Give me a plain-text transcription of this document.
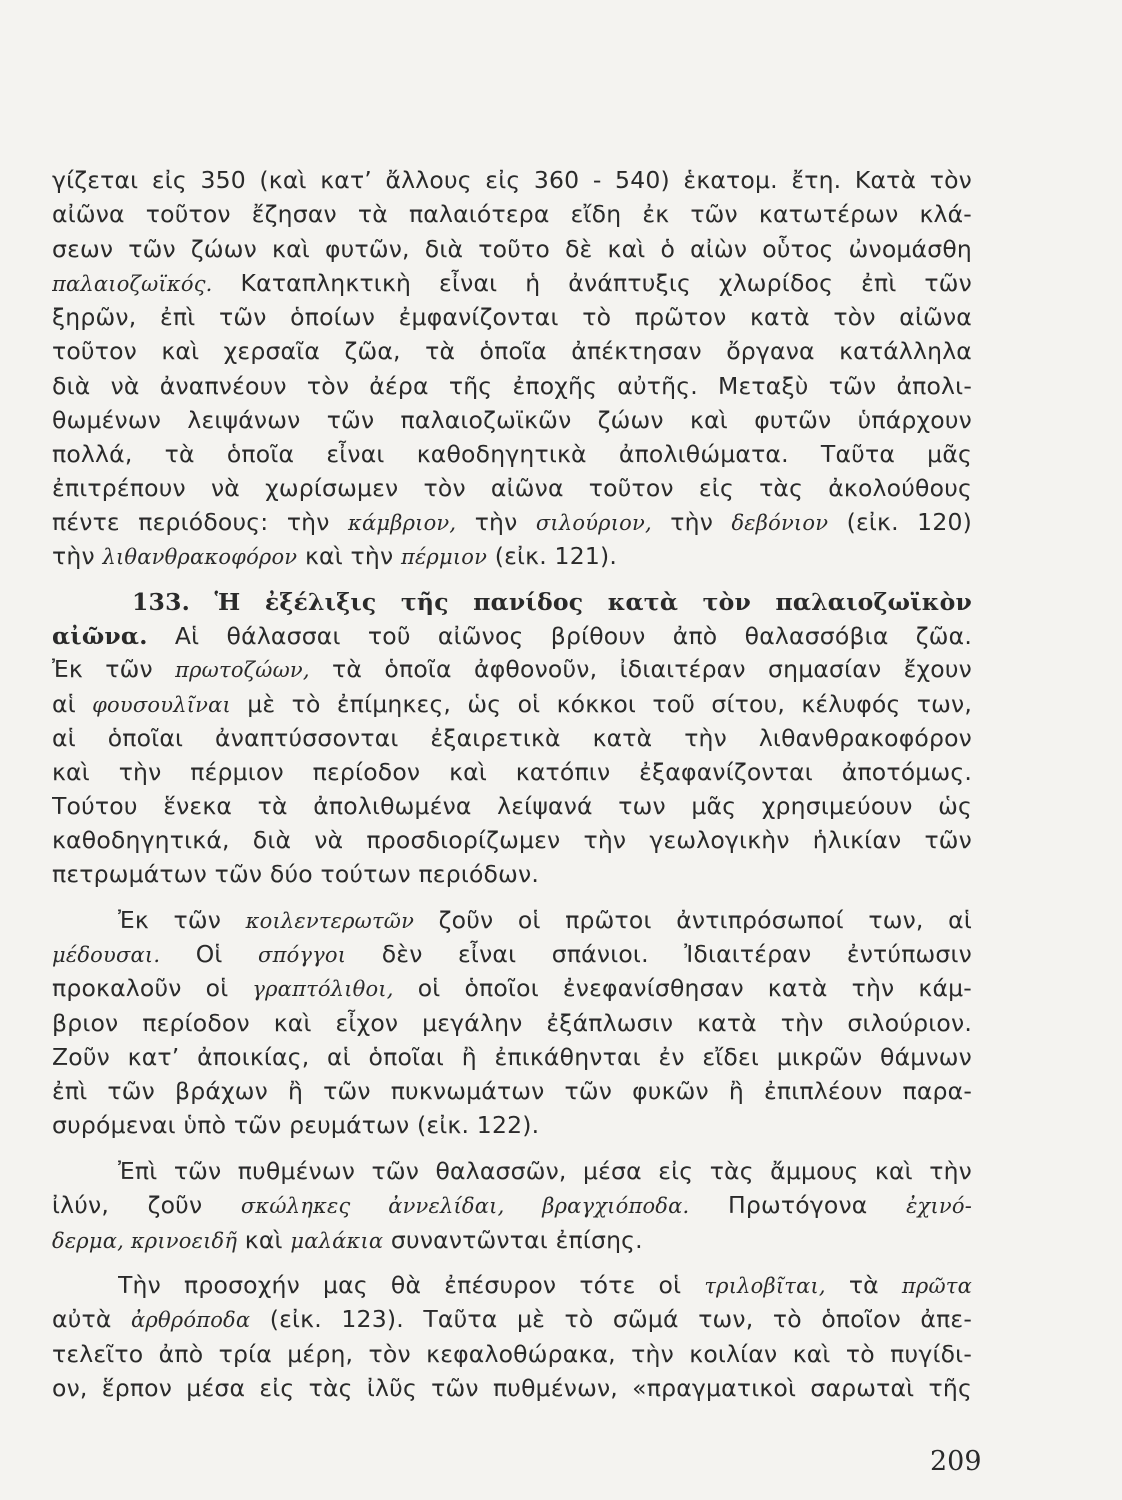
γίζεται εἰς 350 (καὶ κατ’ ἄλλους εἰς 360 - 540) ἑκατομ. ἔτη. Κατὰ τὸν
αἰῶνα τοῦτον ἔζησαν τὰ παλαιότερα εἴδη ἐκ τῶν κατωτέρων κλά-
σεων τῶν ζώων καὶ φυτῶν, διὰ τοῦτο δὲ καὶ ὁ αἰὼν οὗτος ὠνομάσθη
παλαιοζωϊκός. Καταπληκτικὴ εἶναι ἡ ἀνάπτυξις χλωρίδος ἐπὶ τῶν
ξηρῶν, ἐπὶ τῶν ὁποίων ἐμφανίζονται τὸ πρῶτον κατὰ τὸν αἰῶνα
τοῦτον καὶ χερσαῖα ζῶα, τὰ ὁποῖα ἀπέκτησαν ὄργανα κατάλληλα
διὰ νὰ ἀναπνέουν τὸν ἀέρα τῆς ἐποχῆς αὐτῆς. Μεταξὺ τῶν ἀπολι-
θωμένων λειψάνων τῶν παλαιοζωϊκῶν ζώων καὶ φυτῶν ὑπάρχουν
πολλά, τὰ ὁποῖα εἶναι καθοδηγητικὰ ἀπολιθώματα. Ταῦτα μᾶς
ἐπιτρέπουν νὰ χωρίσωμεν τὸν αἰῶνα τοῦτον εἰς τὰς ἀκολούθους
πέντε περιόδους: τὴν κάμβριον, τὴν σιλούριον, τὴν δεβόνιον (εἰκ. 120)
τὴν λιθανθρακοφόρον καὶ τὴν πέρμιον (εἰκ. 121).
133. Ἡ ἐξέλιξις τῆς πανίδος κατὰ τὸν παλαιοζωϊκὸν
αἰῶνα. Αἱ θάλασσαι τοῦ αἰῶνος βρίθουν ἀπὸ θαλασσόβια ζῶα.
Ἐκ τῶν πρωτοζώων, τὰ ὁποῖα ἀφθονοῦν, ἰδιαιτέραν σημασίαν ἔχουν
αἱ φουσουλῖναι μὲ τὸ ἐπίμηκες, ὡς οἱ κόκκοι τοῦ σίτου, κέλυφός των,
αἱ ὁποῖαι ἀναπτύσσονται ἐξαιρετικὰ κατὰ τὴν λιθανθρακοφόρον
καὶ τὴν πέρμιον περίοδον καὶ κατόπιν ἐξαφανίζονται ἀποτόμως.
Τούτου ἕνεκα τὰ ἀπολιθωμένα λείψανά των μᾶς χρησιμεύουν ὡς
καθοδηγητικά, διὰ νὰ προσδιορίζωμεν τὴν γεωλογικὴν ἡλικίαν τῶν
πετρωμάτων τῶν δύο τούτων περιόδων.
Ἐκ τῶν κοιλεντερωτῶν ζοῦν οἱ πρῶτοι ἀντιπρόσωποί των, αἱ
μέδουσαι. Οἱ σπόγγοι δὲν εἶναι σπάνιοι. Ἰδιαιτέραν ἐντύπωσιν
προκαλοῦν οἱ γραπτόλιθοι, οἱ ὁποῖοι ἐνεφανίσθησαν κατὰ τὴν κάμ-
βριον περίοδον καὶ εἶχον μεγάλην ἐξάπλωσιν κατὰ τὴν σιλούριον.
Ζοῦν κατ’ ἀποικίας, αἱ ὁποῖαι ἢ ἐπικάθηνται ἐν εἴδει μικρῶν θάμνων
ἐπὶ τῶν βράχων ἢ τῶν πυκνωμάτων τῶν φυκῶν ἢ ἐπιπλέουν παρα-
συρόμεναι ὑπὸ τῶν ρευμάτων (εἰκ. 122).
Ἐπὶ τῶν πυθμένων τῶν θαλασσῶν, μέσα εἰς τὰς ἄμμους καὶ τὴν
ἰλύν, ζοῦν σκώληκες ἀννελίδαι, βραγχιόποδα. Πρωτόγονα ἐχινό-
δερμα, κρινοειδῆ καὶ μαλάκια συναντῶνται ἐπίσης.
Τὴν προσοχήν μας θὰ ἐπέσυρον τότε οἱ τριλοβῖται, τὰ πρῶτα
αὐτὰ ἀρθρόποδα (εἰκ. 123). Ταῦτα μὲ τὸ σῶμά των, τὸ ὁποῖον ἀπε-
τελεῖτο ἀπὸ τρία μέρη, τὸν κεφαλοθώρακα, τὴν κοιλίαν καὶ τὸ πυγίδι-
ον, ἕρπον μέσα εἰς τὰς ἰλῦς τῶν πυθμένων, «πραγματικοὶ σαρωταὶ τῆς
209
